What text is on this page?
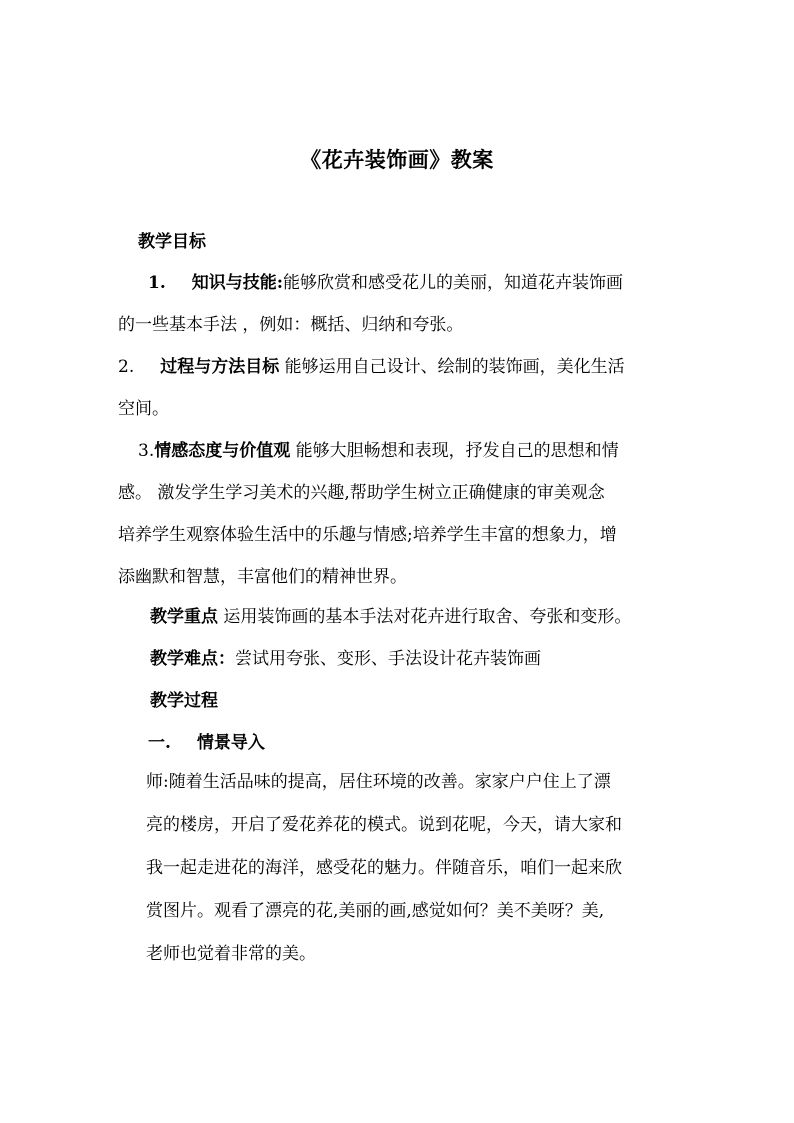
《花卉装饰画》教案
教学目标
1. 知识与技能:能够欣赏和感受花儿的美丽，知道花卉装饰画
的一些基本手法 ，例如：概括、归纳和夸张。
2. 过程与方法目标 能够运用自己设计、绘制的装饰画，美化生活
空间。
3.情感态度与价值观 能够大胆畅想和表现，抒发自己的思想和情
感。 激发学生学习美术的兴趣,帮助学生树立正确健康的审美观念
培养学生观察体验生活中的乐趣与情感;培养学生丰富的想象力，增
添幽默和智慧，丰富他们的精神世界。
教学重点 运用装饰画的基本手法对花卉进行取舍、夸张和变形。
教学难点：尝试用夸张、变形、手法设计花卉装饰画
教学过程
一. 情景导入
师:随着生活品味的提高，居住环境的改善。家家户户住上了漂
亮的楼房，开启了爱花养花的模式。说到花呢，今天，请大家和
我一起走进花的海洋，感受花的魅力。伴随音乐，咱们一起来欣
赏图片。观看了漂亮的花,美丽的画,感觉如何？美不美呀？美,
老师也觉着非常的美。
